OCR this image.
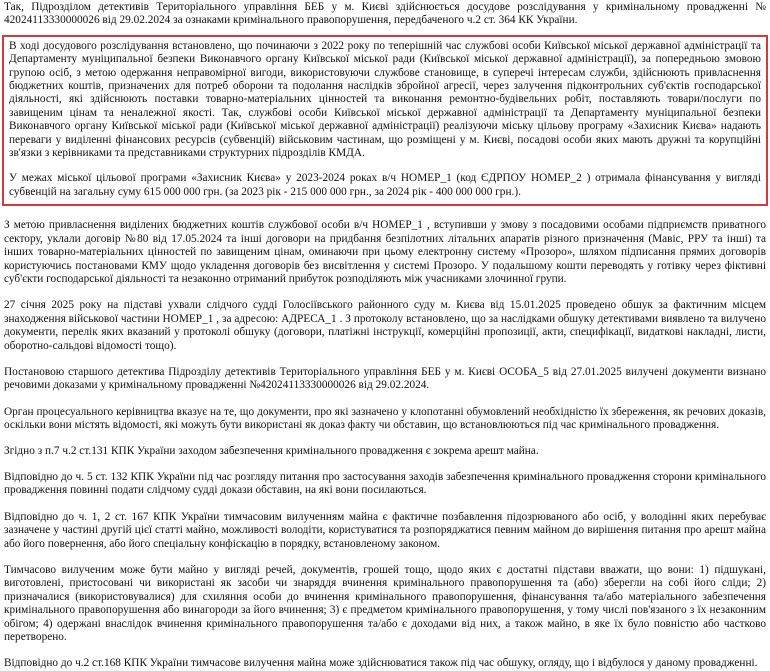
Так, Підрозділом детективів Територіального управління БЕБ у м. Києві здійснюється досудове розслідування у кримінальному провадженні № 42024113330000026 від 29.02.2024 за ознаками кримінального правопорушення, передбаченого ч.2 ст. 364 КК України.

В ході досудового розслідування встановлено, що починаючи з 2022 року по теперішній час службові особи Київської міської державної адміністрації та Департаменту муніципальної безпеки Виконавчого органу Київської міської ради (Київської міської державної адміністрації), за попередньою змовою групою осіб, з метою одержання неправомірної вигоди, використовуючи службове становище, в суперечі інтересам служби, здійснюють привласнення бюджетних коштів, призначених для потреб оборони та подолання наслідків збройної агресії, через залучення підконтрольних суб'єктів господарської діяльності, які здійснюють поставки товарно-матеріальних цінностей та виконання ремонтно-будівельних робіт, поставляють товари/послуги по завищеним цінам та неналежної якості. Так, службові особи Київської міської державної адміністрації та Департаменту муніципальної безпеки Виконавчого органу Київської міської ради (Київської міської державної адміністрації) реалізуючи міську цільову програму «Захисник Києва» надають переваги у виділенні фінансових ресурсів (субвенцій) військовим частинам, що розміщені у м. Києві, посадові особи яких мають дружні та корупційні зв'язки з керівниками та представниками структурних підрозділів КМДА.

У межах міської цільової програми «Захисник Києва» у 2023-2024 роках в/ч НОМЕР_1 (код ЄДРПОУ НОМЕР_2 ) отримала фінансування у вигляді субвенцій на загальну суму 615 000 000 грн. (за 2023 рік - 215 000 000 грн., за 2024 рік - 400 000 000 грн.).

З метою привласнення виділених бюджетних коштів службової особи в/ч НОМЕР_1 , вступивши у змову з посадовими особами підприємств приватного сектору, уклали договір №80 від 17.05.2024 та інші договори на придбання безпілотних літальних апаратів різного призначення (Мавіс, РРУ та інші) та інших товарно-матеріальних цінностей по завищеним цінам, оминаючи при цьому електронну систему «Прозоро», шляхом підписання прямих договорів користуючись постановами КМУ щодо укладення договорів без висвітлення у системі Прозоро. У подальшому кошти переводять у готівку через фіктивні суб'єкти господарської діяльності та незаконно отриманий прибуток розподіляють між учасниками злочинної групи.

27 січня 2025 року на підставі ухвали слідчого судді Голосіївського районного суду м. Києва від 15.01.2025 проведено обшук за фактичним місцем знаходження військової частини НОМЕР_1 , за адресою: АДРЕСА_1 . З протоколу встановлено, що за наслідками обшуку детективами виявлено та вилучено документи, перелік яких вказаний у протоколі обшуку (договори, платіжні інструкції, комерційні пропозиції, акти, специфікації, видаткові накладні, листи, оборотно-сальдові відомості тощо).

Постановою старшого детектива Підрозділу детективів Територіального управління БЕБ у м. Києві ОСОБА_5 від 27.01.2025 вилучені документи визнано речовими доказами у кримінальному провадженні №42024113330000026 від 29.02.2024.

Орган процесуального керівництва вказує на те, що документи, про які зазначено у клопотанні обумовлений необхідністю їх збереження, як речових доказів, оскільки вони містять відомості, які можуть бути використані як доказ факту чи обставин, що встановлюються під час кримінального провадження.

Згідно з п.7 ч.2 ст.131 КПК України заходом забезпечення кримінального провадження є зокрема арешт майна.

Відповідно до ч. 5 ст. 132 КПК України під час розгляду питання про застосування заходів забезпечення кримінального провадження сторони кримінального провадження повинні подати слідчому судді докази обставин, на які вони посилаються.

Відповідно до ч. 1, 2 ст. 167 КПК України тимчасовим вилученням майна є фактичне позбавлення підозрюваного або осіб, у володінні яких перебуває зазначене у частині другій цієї статті майно, можливості володіти, користуватися та розпоряджатися певним майном до вирішення питання про арешт майна або його повернення, або його спеціальну конфіскацію в порядку, встановленому законом.

Тимчасово вилученим може бути майно у вигляді речей, документів, грошей тощо, щодо яких є достатні підстави вважати, що вони: 1) підшукані, виготовлені, пристосовані чи використані як засоби чи знаряддя вчинення кримінального правопорушення та (або) зберегли на собі його сліди; 2) призначалися (використовувалися) для схиляння особи до вчинення кримінального правопорушення, фінансування та/або матеріального забезпечення кримінального правопорушення або винагороди за його вчинення; 3) є предметом кримінального правопорушення, у тому числі пов'язаного з їх незаконним обігом; 4) одержані внаслідок вчинення кримінального правопорушення та/або є доходами від них, а також майно, в яке їх було повністю або частково перетворено.

Відповідно до ч.2 ст.168 КПК України тимчасове вилучення майна може здійснюватися також під час обшуку, огляду, що і відбулося у даному провадженні.
